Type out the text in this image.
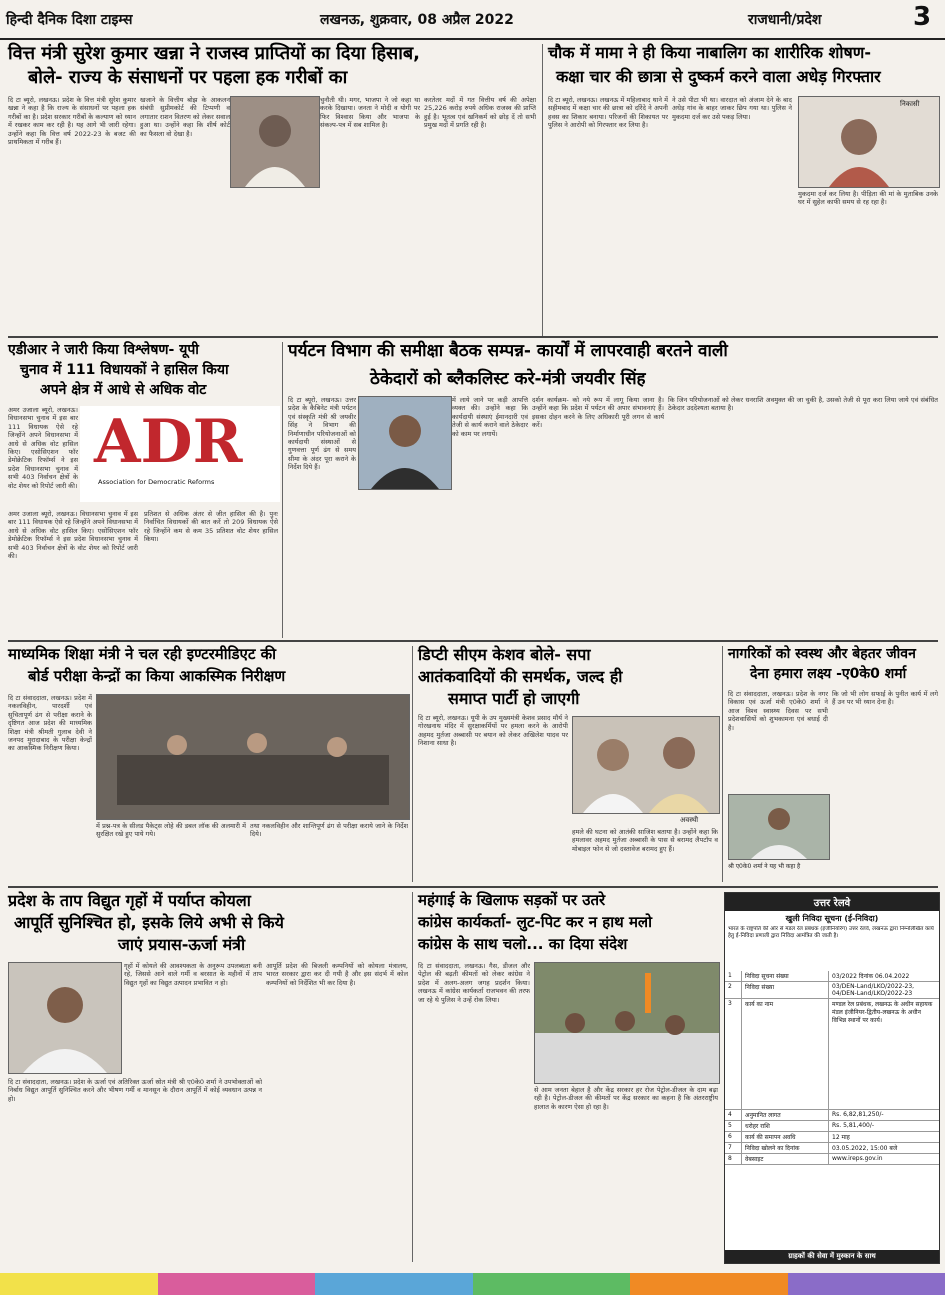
हिन्दी दैनिक दिशा टाइम्स	लखनऊ, शुक्रवार, 08 अप्रैल 2022	राजधानी/प्रदेश	3
वित्त मंत्री सुरेश कुमार खन्ना ने राजस्व प्राप्तियों का दिया हिसाब,
बोले- राज्य के संसाधनों पर पहला हक गरीबों का
दि टा ब्यूरो, लखनऊ। प्रदेश के वित्त मंत्री सुरेश कुमार खन्ना ने कहा है कि राज्य के संसाधनों पर पहला हक गरीबों का है। प्रदेश सरकार गरीबों के कल्याण को ध्यान में रखकर काम कर रही है। यह आगे भी जारी रहेगा। उन्होंने कहा कि वित्त वर्ष 2022-23 के बजट की प्राथमिकता में गरीब हैं।
खजाने के वित्तीय बोझ के आकलन संबंधी सुप्रीमकोर्ट की टिप्पणी व लगातार राशन वितरण को लेकर सवाल हुआ था। उन्होंने कहा कि शीर्ष कोर्ट का फैसला वो देखा है।
चुनौती थी। मगर, भाजपा ने जो कहा था करके दिखाया। जनता ने मोदी व योगी पर फिर विश्वास किया और भाजपा के संकल्प-पत्र में सब शामिल है।
करतेतर मदों में गत वित्तीय वर्ष की अपेक्षा 25,226 करोड़ रुपये अधिक राजस्व की प्राप्ति हुई है। भूतत्व एवं खनिकर्म को छोड़ दें तो सभी प्रमुख मदों में प्रगति रही है।
चौक में मामा ने ही किया नाबालिग का शारीरिक शोषण-
कक्षा चार की छात्रा से दुष्कर्म करने वाला अधेड़ गिरफ्तार
दि टा ब्यूरो, लखनऊ। लखनऊ में महिलाबाद थाने में सहीमबाद में कक्षा चार की छात्रा को दरिंदे ने अपनी हवस का शिकार बनाया। परिजनों की शिकायत पर पुलिस ने आरोपी को गिरफ्तार कर लिया है।
ने उसे पीटा भी था। वारदात को अंजाम देने के बाद अधेड़ गांव के बाहर जाकर छिप गया था। पुलिस ने मुकदमा दर्ज कर उसे पकड़ लिया।
निकासी
मुकदमा दर्ज कर लिया है। पीड़िता की मां के मुताबिक उनके घर में सुहेल काफी समय से रह रहा है।
एडीआर ने जारी किया विश्लेषण- यूपी
चुनाव में 111 विधायकों ने हासिल किया
अपने क्षेत्र में आधे से अधिक वोट
अमर उजाला ब्यूरो, लखनऊ। विधानसभा चुनाव में इस बार 111 विधायक ऐसे रहे जिन्होंने अपने विधानसभा में आधे से अधिक वोट हासिल किए। एसोसिएशन फॉर डेमोक्रेटिक रिफॉर्म्स ने इस प्रदेश विधानसभा चुनाव में सभी 403 निर्वाचन क्षेत्रों के वोट शेयर को रिपोर्ट जारी की।
ADR
Association for Democratic Reforms
अमर उजाला ब्यूरो, लखनऊ। विधानसभा चुनाव में इस बार 111 विधायक ऐसे रहे जिन्होंने अपने विधानसभा में आधे से अधिक वोट हासिल किए। एसोसिएशन फॉर डेमोक्रेटिक रिफॉर्म्स ने इस प्रदेश विधानसभा चुनाव में सभी 403 निर्वाचन क्षेत्रों के वोट शेयर को रिपोर्ट जारी की।
प्रतिशत से अधिक अंतर से जीत हासिल की है। पुनः निर्वाचित विधायकों की बात करें तो 209 विधायक ऐसे रहे जिन्होंने कम से कम 35 प्रतिशत वोट शेयर हासिल किया।
पर्यटन विभाग की समीक्षा बैठक सम्पन्न- कार्यों में लापरवाही बरतने वाली
ठेकेदारों को ब्लैकलिस्ट करे-मंत्री जयवीर सिंह
दि टा ब्यूरो, लखनऊ। उत्तर प्रदेश के कैबिनेट मंत्री पर्यटन एवं संस्कृति मंत्री श्री जयवीर सिंह ने विभाग की निर्माणाधीन परियोजनाओं को कार्यदायी संस्थाओं से गुणवत्ता पूर्ण ढंग से समय सीमा के अंदर पूरा कराने के निर्देश दिये हैं।
में लाये जाने पर कड़ी आपत्ति व्यक्त की। उन्होंने कहा कि कार्यदायी संस्थाएं ईमानदारी एवं तेजी से कार्य कराने वाले ठेकेदार को काम पर लगायें।
दर्शन कार्यक्रम- को नये रूप में लागू किया जाना है। उन्होंने कहा कि प्रदेश में पर्यटन की अपार संभावनाएं हैं। इसका दोहन करने के लिए अधिकारी पूरी लगन से कार्य करें।
कि जिन परियोजनाओं को लेकर धनराशि अवमुक्त की जा चुकी है, उसको तेजी से पूरा करा लिया जाये एवं संबंधित ठेकेदार उददेश्यता बताया है।
माध्यमिक शिक्षा मंत्री ने चल रही इण्टरमीडिएट की
बोर्ड परीक्षा केन्द्रों का किया आकस्मिक निरीक्षण
दि टा संवाददाता, लखनऊ। प्रदेश में नकलविहीन, पारदर्शी एवं सुचितापूर्ण ढंग से परीक्षा कराने के दृष्टिगत आज प्रदेश की माध्यमिक शिक्षा मंत्री श्रीमती गुलाब देवी ने जनपद मुरादाबाद के परीक्षा केन्द्रों का आकस्मिक निरीक्षण किया।
में प्रश्न-पत्र के सीलड पैकेट्स लोहे की डबल लॉक की अलमारी में सुरक्षित रखे हुए पाये गये।
तथा नकलविहीन और शान्तिपूर्ण ढंग से परीक्षा कराये जाने के निर्देश दिये।
डिप्टी सीएम केशव बोले- सपा
आतंकवादियों की समर्थक, जल्द ही
समाप्त पार्टी हो जाएगी
दि टा ब्यूरो, लखनऊ। यूपी के उप मुख्यमंत्री केशव प्रसाद मौर्य ने गोरखनाथ मंदिर में सुरक्षाकर्मियों पर हमला करने के आरोपी अहमद मुर्तजा अब्बासी पर बयान को लेकर अखिलेश यादव पर निशाना साधा है।
अवस्थी
हमले की घटना को आतंकी साजिश बताया है। उन्होंने कहा कि हमलावर अहमद मुर्तजा अब्बासी के पास से बरामद लैपटॉप व मोबाइल फोन से जो दस्तावेज बरामद हुए हैं।
नागरिकों को स्वस्थ और बेहतर जीवन
देना हमारा लक्ष्य -ए0के0 शर्मा
दि टा संवाददाता, लखनऊ। प्रदेश के नगर विकास एवं ऊर्जा मंत्री ए0के0 शर्मा ने आज विश्व स्वास्थ्य दिवस पर सभी प्रदेशवासियों को शुभकामना एवं बधाई दी है।
कि जो भी लोग सफाई के पुनीत कार्य में लगे हैं उन पर भी ध्यान देना है।
श्री ए0के0 शर्मा ने यह भी कहा है
प्रदेश के ताप विद्युत गृहों में पर्याप्त कोयला
आपूर्ति सुनिश्चित हो, इसके लिये अभी से किये
जाएं प्रयास-ऊर्जा मंत्री
गृहों में कोयले की आवश्यकता के अनुरूप उपलब्धता बनी रहे, जिससे आने वाले गर्मी व बरसात के महीनों में ताप विद्युत गृहों का विद्युत उत्पादन प्रभावित न हो।
आपूर्ति प्रदेश की बिजली कम्पनियों को कोयला मंत्रालय, भारत सरकार द्वारा कर दी गयी है और इस संदर्भ में कोल कम्पनियों को निर्देशित भी कर दिया है।
दि टा संवाददाता, लखनऊ। प्रदेश के ऊर्जा एवं अतिरिक्त ऊर्जा स्रोत मंत्री श्री ए0के0 शर्मा ने उपभोक्ताओं को निर्बाध विद्युत आपूर्ति सुनिश्चित करने और भीषण गर्मी व मानसून के दौरान आपूर्ति में कोई व्यवधान उत्पन्न न हो।
महंगाई के खिलाफ सड़कों पर उतरे
कांग्रेस कार्यकर्ता- लुट-पिट कर न हाथ मलो
कांग्रेस के साथ चलो... का दिया संदेश
दि टा संवाददाता, लखनऊ। गैस, डीजल और पेट्रोल की बढ़ती कीमतों को लेकर कांग्रेस ने प्रदेश में अलग-अलग जगह प्रदर्शन किया। लखनऊ में कांग्रेस कार्यकर्ता राजभवन की तरफ जा रहे थे पुलिस ने उन्हें रोक लिया।
से आम जनता बेहाल है और केंद्र सरकार हर रोज पेट्रोल-डीजल के दाम बढ़ा रही है। पेट्रोल-डीजल की कीमतों पर केंद्र सरकार का कहना है कि अंतरराष्ट्रीय हालात के कारण ऐसा हो रहा है।
उत्तर रेलवे
खुली निविदा सूचना (ई-निविदा)
भारत के राष्ट्रपति की ओर से मंडल रेल प्रबंधक (इंजीनियरिंग) उत्तर रेलवे, लखनऊ द्वारा निम्नलिखित कार्य हेतु ई-निविदा प्रणाली द्वारा निविदा आमंत्रित की जाती है।
1	निविदा सूचना संख्या	03/2022 दिनांक 06.04.2022
2	निविदा संख्या	03/DEN-Land/LKO/2022-23, 04/DEN-Land/LKO/2022-23
3	कार्य का नाम	मण्डल रेल प्रबंधक, लखनऊ के अधीन सहायक मंडल इंजीनियर-द्वितीय-लखनऊ के अधीन विभिन्न स्थानों पर कार्य।
4	अनुमानित लागत	Rs. 6,82,81,250/-
5	धरोहर राशि	Rs. 5,81,400/-
6	कार्य की समापन अवधि	12 माह
7	निविदा खोलने का दिनांक	03.05.2022, 15:00 बजे
8	वेबसाइट	www.ireps.gov.in
ग्राहकों की सेवा में मुस्कान के साथ
